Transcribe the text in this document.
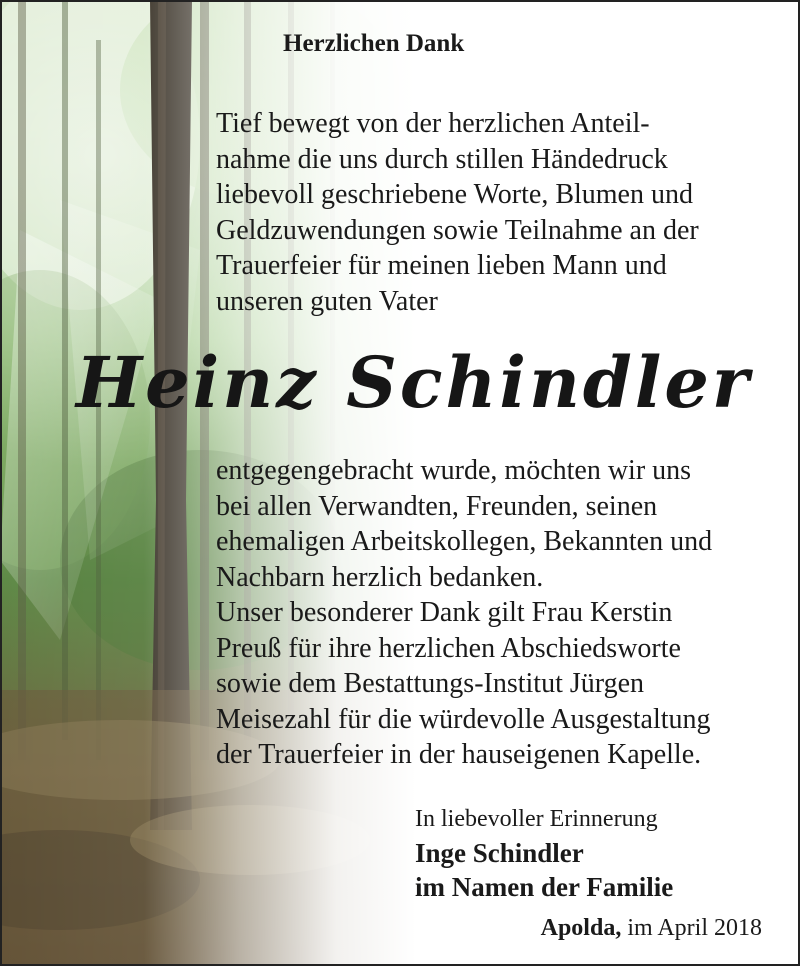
Herzlichen Dank

Tief bewegt von der herzlichen Anteil-
nahme die uns durch stillen Händedruck
liebevoll geschriebene Worte, Blumen und
Geldzuwendungen sowie Teilnahme an der
Trauerfeier für meinen lieben Mann und
unseren guten Vater

Heinz Schindler

entgegengebracht wurde, möchten wir uns
bei allen Verwandten, Freunden, seinen
ehemaligen Arbeitskollegen, Bekannten und
Nachbarn herzlich bedanken.

Unser besonderer Dank gilt Frau Kerstin
Preuß für ihre herzlichen Abschiedsworte
sowie dem Bestattungs-Institut Jürgen
Meisezahl für die würdevolle Ausgestaltung
der Trauerfeier in der hauseigenen Kapelle.

In liebevoller Erinnerung

Inge Schindler

im Namen der Familie

Apolda, im April 2018
